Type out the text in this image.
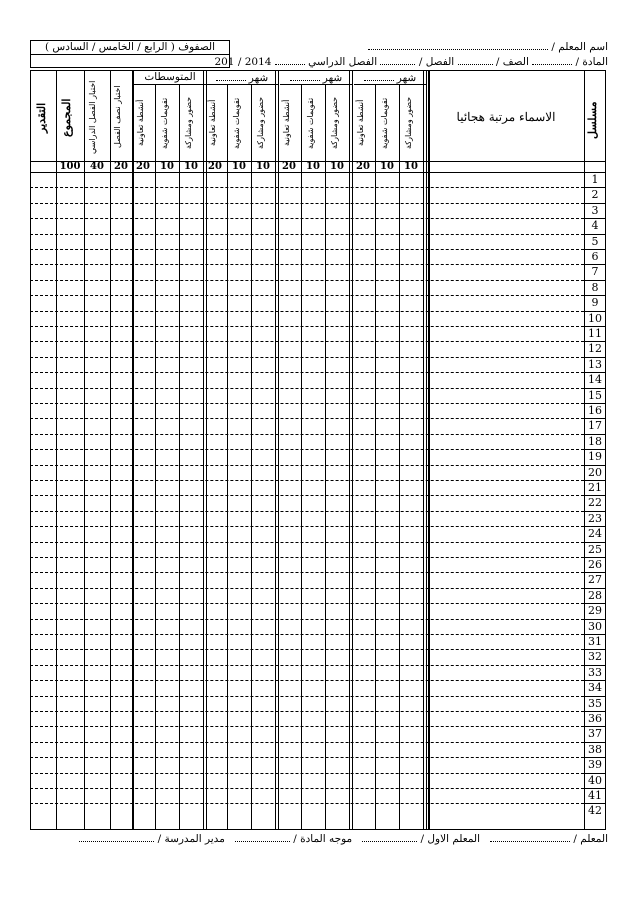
اسم المعلم /
الصفوف ( الرابع / الخامس / السادس )
المادة /  الصف /  الفصل /  الفصل الدراسي  2014 / 201
مسلسل
الاسماء مرتبة هجائيا
شهر
حضور ومشاركة
10
تقويمات شفوية
10
أنشطة تعاونية
20
شهر
حضور ومشاركة
10
تقويمات شفوية
10
أنشطة تعاونية
20
شهر
حضور ومشاركة
10
تقويمات شفوية
10
أنشطة تعاونية
20
المتوسطات
حضور ومشاركة
10
تقويمات شفوية
10
أنشطة تعاونية
20
اختبار نصف الفصل
اختبار الفصل الدراسي
المجموع
التقدير
20
40
100
1
2
3
4
5
6
7
8
9
10
11
12
13
14
15
16
17
18
19
20
21
22
23
24
25
26
27
28
29
30
31
32
33
34
35
36
37
38
39
40
41
42
المعلم /    المعلم الاول /    موجه المادة /    مدير المدرسة /
